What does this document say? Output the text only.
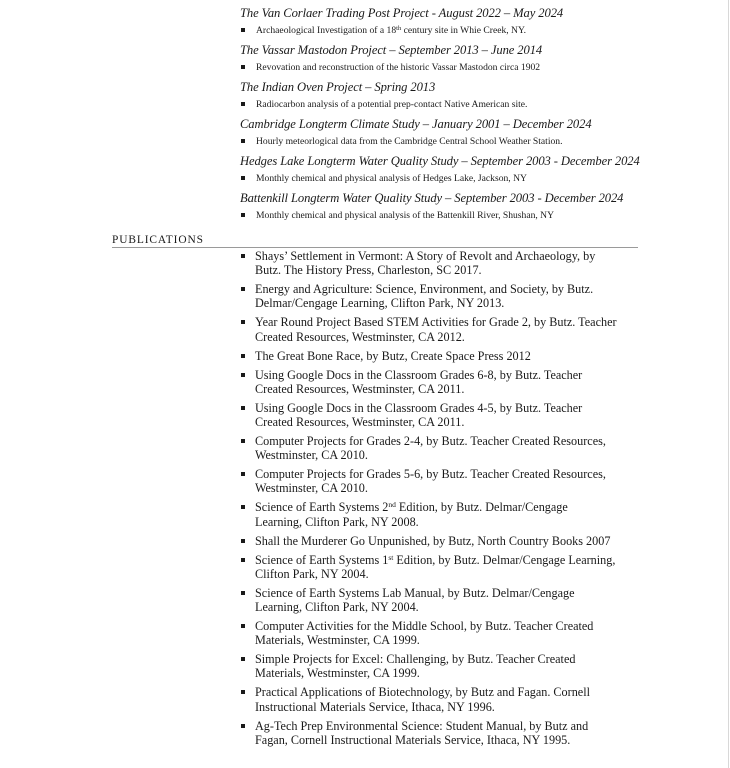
The Van Corlaer Trading Post Project - August 2022 – May 2024
Archaeological Investigation of a 18th century site in Whie Creek, NY.
The Vassar Mastodon Project – September 2013 – June 2014
Revovation and reconstruction of the historic Vassar Mastodon circa 1902
The Indian Oven Project – Spring 2013
Radiocarbon analysis of a potential prep-contact Native American site.
Cambridge Longterm Climate Study – January 2001 – December 2024
Hourly meteorlogical data from the Cambridge Central School Weather Station.
Hedges Lake Longterm Water Quality Study – September 2003 - December 2024
Monthly chemical and physical analysis of Hedges Lake, Jackson, NY
Battenkill Longterm Water Quality Study – September 2003 - December 2024
Monthly chemical and physical analysis of the Battenkill River, Shushan, NY
PUBLICATIONS
Shays’ Settlement in Vermont: A Story of Revolt and Archaeology, by
Butz. The History Press, Charleston, SC 2017.
Energy and Agriculture: Science, Environment, and Society, by Butz.
Delmar/Cengage Learning, Clifton Park, NY 2013.
Year Round Project Based STEM Activities for Grade 2, by Butz. Teacher
Created Resources, Westminster, CA 2012.
The Great Bone Race, by Butz, Create Space Press 2012
Using Google Docs in the Classroom Grades 6-8, by Butz. Teacher
Created Resources, Westminster, CA 2011.
Using Google Docs in the Classroom Grades 4-5, by Butz. Teacher
Created Resources, Westminster, CA 2011.
Computer Projects for Grades 2-4, by Butz. Teacher Created Resources,
Westminster, CA 2010.
Computer Projects for Grades 5-6, by Butz. Teacher Created Resources,
Westminster, CA 2010.
Science of Earth Systems 2nd Edition, by Butz. Delmar/Cengage
Learning, Clifton Park, NY 2008.
Shall the Murderer Go Unpunished, by Butz, North Country Books 2007
Science of Earth Systems 1st Edition, by Butz. Delmar/Cengage Learning,
Clifton Park, NY 2004.
Science of Earth Systems Lab Manual, by Butz. Delmar/Cengage
Learning, Clifton Park, NY 2004.
Computer Activities for the Middle School, by Butz. Teacher Created
Materials, Westminster, CA 1999.
Simple Projects for Excel: Challenging, by Butz. Teacher Created
Materials, Westminster, CA 1999.
Practical Applications of Biotechnology, by Butz and Fagan. Cornell
Instructional Materials Service, Ithaca, NY 1996.
Ag-Tech Prep Environmental Science: Student Manual, by Butz and
Fagan, Cornell Instructional Materials Service, Ithaca, NY 1995.
